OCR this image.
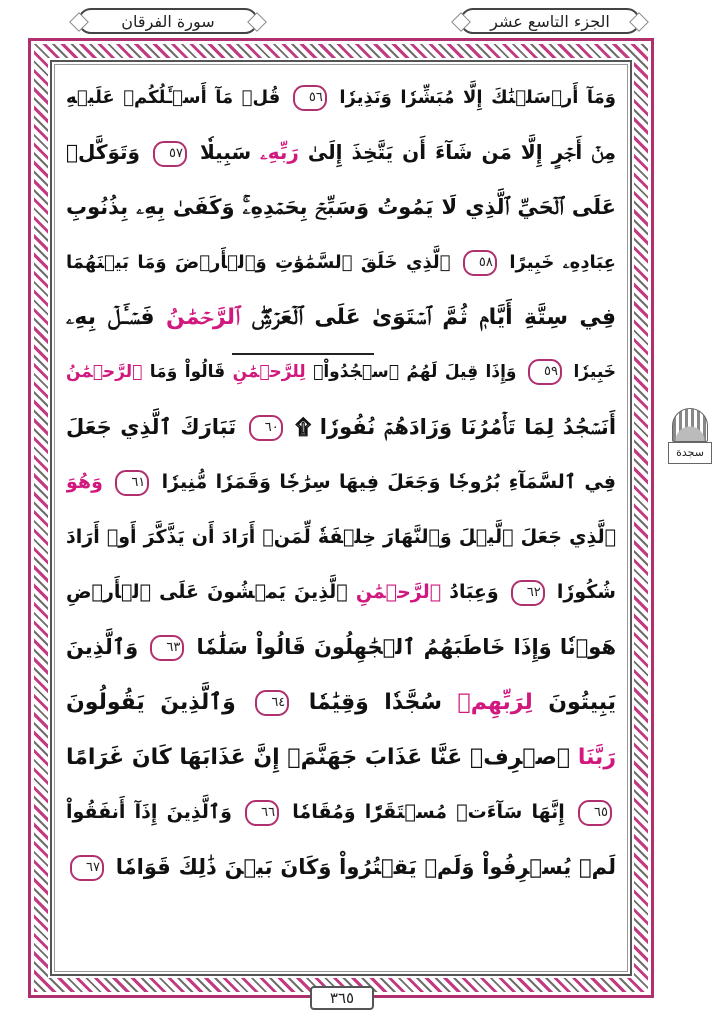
الجزء التاسع عشر
سورة الفرقان
وَمَآ أَرۡسَلۡنَٰكَ إِلَّا مُبَشِّرٗا وَنَذِيرٗا ٥٦ قُلۡ مَآ أَسۡـَٔلُكُمۡ عَلَيۡهِ
مِنۡ أَجۡرٍ إِلَّا مَن شَآءَ أَن يَتَّخِذَ إِلَىٰ رَبِّهِۦ سَبِيلٗا ٥٧ وَتَوَكَّلۡ
عَلَى ٱلۡحَيِّ ٱلَّذِي لَا يَمُوتُ وَسَبِّحۡ بِحَمۡدِهِۦۚ وَكَفَىٰ بِهِۦ بِذُنُوبِ
عِبَادِهِۦ خَبِيرًا ٥٨ ٱلَّذِي خَلَقَ ٱلسَّمَٰوَٰتِ وَٱلۡأَرۡضَ وَمَا بَيۡنَهُمَا
فِي سِتَّةِ أَيَّامٖ ثُمَّ ٱسۡتَوَىٰ عَلَى ٱلۡعَرۡشِۖ ٱلرَّحۡمَٰنُ فَسۡـَٔلۡ بِهِۦ
خَبِيرٗا ٥٩ وَإِذَا قِيلَ لَهُمُ ٱسۡجُدُواْۤ لِلرَّحۡمَٰنِ قَالُواْ وَمَا ٱلرَّحۡمَٰنُ
أَنَسۡجُدُ لِمَا تَأۡمُرُنَا وَزَادَهُمۡ نُفُورٗا ۩ ٦٠ تَبَارَكَ ٱلَّذِي جَعَلَ
فِي ٱلسَّمَآءِ بُرُوجٗا وَجَعَلَ فِيهَا سِرَٰجٗا وَقَمَرٗا مُّنِيرٗا ٦١ وَهُوَ
ٱلَّذِي جَعَلَ ٱلَّيۡلَ وَٱلنَّهَارَ خِلۡفَةٗ لِّمَنۡ أَرَادَ أَن يَذَّكَّرَ أَوۡ أَرَادَ
شُكُورٗا ٦٢ وَعِبَادُ ٱلرَّحۡمَٰنِ ٱلَّذِينَ يَمۡشُونَ عَلَى ٱلۡأَرۡضِ
هَوۡنٗا وَإِذَا خَاطَبَهُمُ ٱلۡجَٰهِلُونَ قَالُواْ سَلَٰمٗا ٦٣ وَٱلَّذِينَ
يَبِيتُونَ لِرَبِّهِمۡ سُجَّدٗا وَقِيَٰمٗا ٦٤ وَٱلَّذِينَ يَقُولُونَ
رَبَّنَا ٱصۡرِفۡ عَنَّا عَذَابَ جَهَنَّمَۖ إِنَّ عَذَابَهَا كَانَ غَرَامًا
٦٥ إِنَّهَا سَآءَتۡ مُسۡتَقَرّٗا وَمُقَامٗا ٦٦ وَٱلَّذِينَ إِذَآ أَنفَقُواْ
لَمۡ يُسۡرِفُواْ وَلَمۡ يَقۡتُرُواْ وَكَانَ بَيۡنَ ذَٰلِكَ قَوَامٗا ٦٧
سجدة
٣٦٥
